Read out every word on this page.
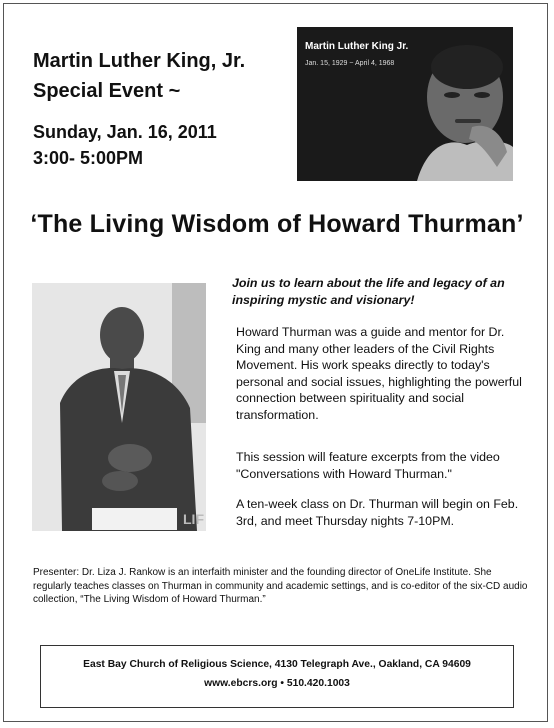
Martin Luther King, Jr.
Special Event ~
Sunday, Jan. 16, 2011
3:00- 5:00PM
Martin Luther King Jr.
Jan. 15, 1929 ~ April 4, 1968
‘The Living Wisdom of Howard Thurman’
LIF

Join us to learn about the life and legacy of an inspiring mystic and visionary!

Howard Thurman was a guide and mentor for Dr. King and many other leaders of the Civil Rights Movement. His work speaks directly to today's personal and social issues, highlighting the powerful connection between spirituality and social transformation.

This session will feature excerpts from the video "Conversations with Howard Thurman."

A ten-week class on Dr. Thurman will begin on Feb. 3rd, and meet Thursday nights 7-10PM.

Presenter: Dr. Liza J. Rankow is an interfaith minister and the founding director of OneLife Institute. She regularly teaches classes on Thurman in community and academic settings, and is co-editor of the six-CD audio collection, “The Living Wisdom of Howard Thurman.”

East Bay Church of Religious Science, 4130 Telegraph Ave., Oakland, CA 94609
www.ebcrs.org • 510.420.1003
